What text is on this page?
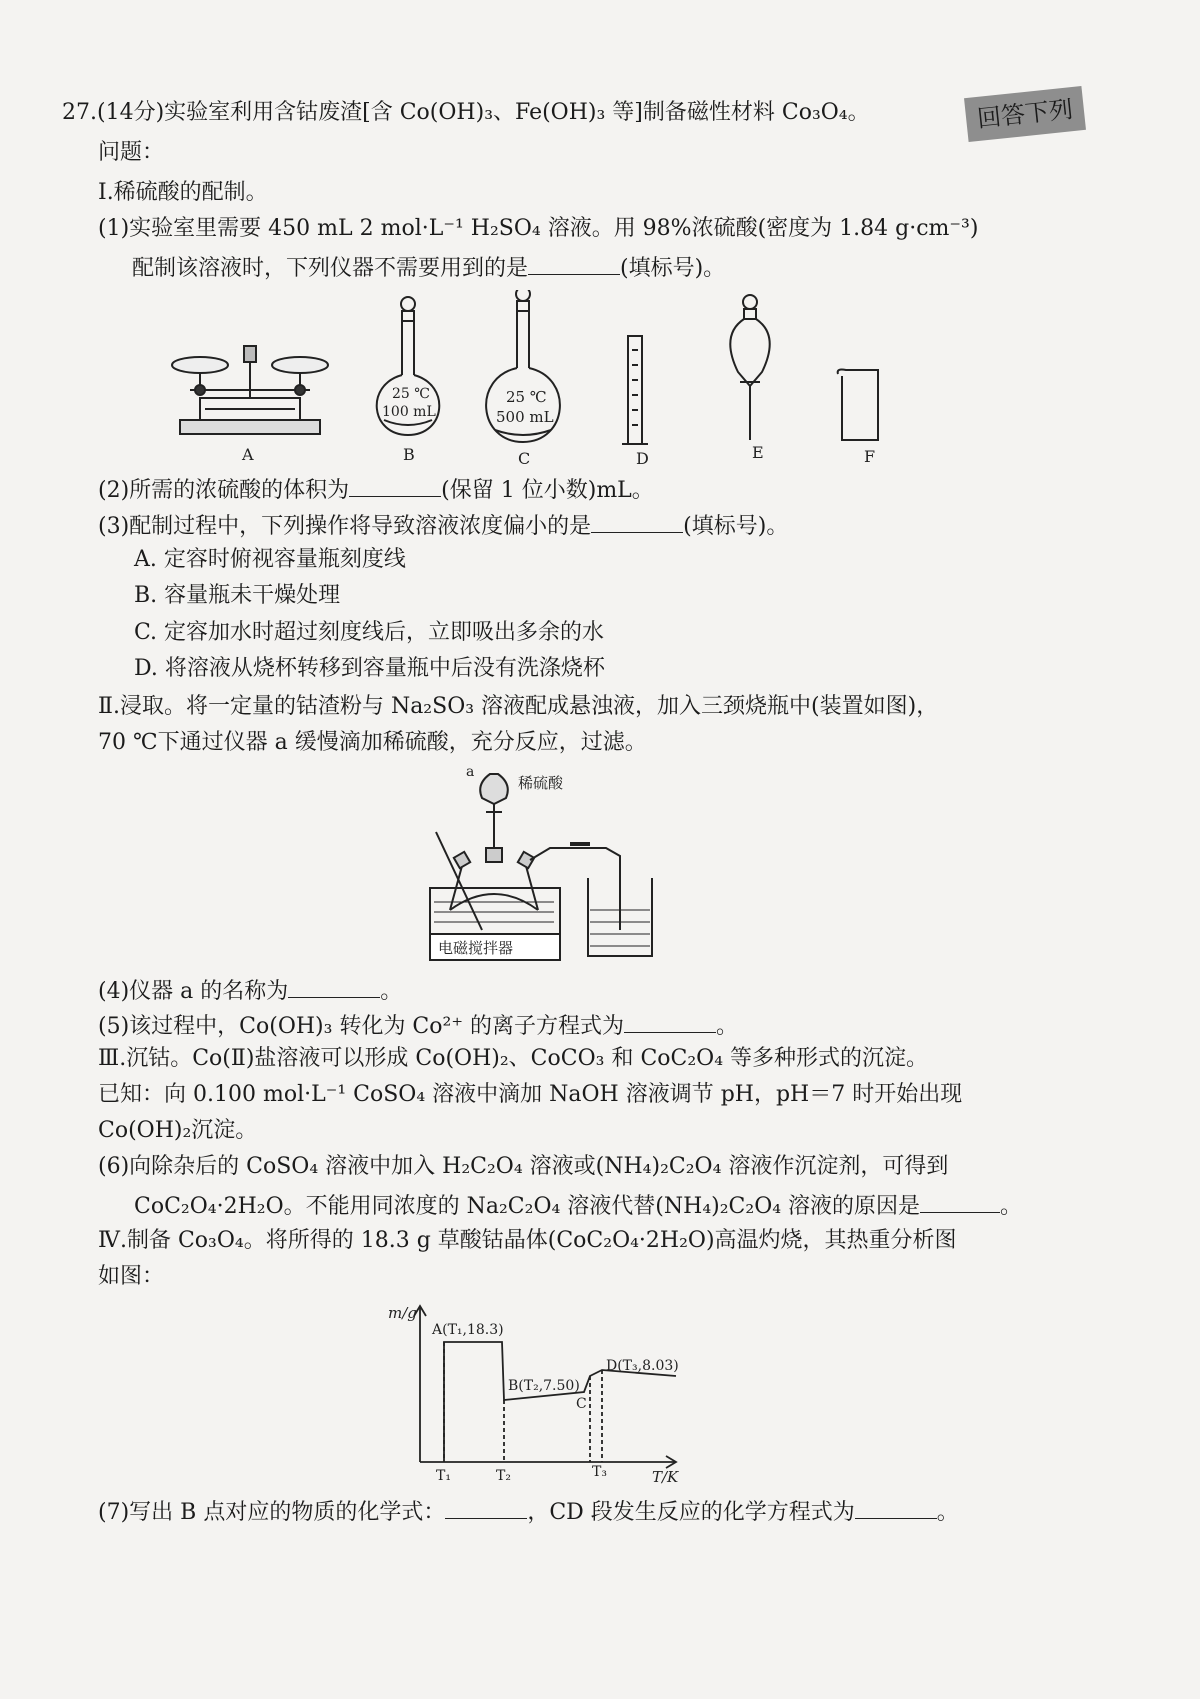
27.(14分)实验室利用含钴废渣[含 Co(OH)₃、Fe(OH)₃ 等]制备磁性材料 Co₃O₄。	回答下列
问题：
Ⅰ.稀硫酸的配制。
(1)实验室里需要 450 mL 2 mol·L⁻¹ H₂SO₄ 溶液。用 98%浓硫酸(密度为 1.84 g·cm⁻³)
配制该溶液时，下列仪器不需要用到的是	(填标号)。
25 ℃
100 mL
25 ℃
500 mL
A	B	C	D	E	F
(2)所需的浓硫酸的体积为	(保留 1 位小数)mL。
(3)配制过程中，下列操作将导致溶液浓度偏小的是	(填标号)。
A. 定容时俯视容量瓶刻度线
B. 容量瓶未干燥处理
C. 定容加水时超过刻度线后，立即吸出多余的水
D. 将溶液从烧杯转移到容量瓶中后没有洗涤烧杯
Ⅱ.浸取。将一定量的钴渣粉与 Na₂SO₃ 溶液配成悬浊液，加入三颈烧瓶中(装置如图)，
70 ℃下通过仪器 a 缓慢滴加稀硫酸，充分反应，过滤。
a
稀硫酸
电磁搅拌器
(4)仪器 a 的名称为	。
(5)该过程中，Co(OH)₃ 转化为 Co²⁺ 的离子方程式为	。
Ⅲ.沉钴。Co(Ⅱ)盐溶液可以形成 Co(OH)₂、CoCO₃ 和 CoC₂O₄ 等多种形式的沉淀。
已知：向 0.100 mol·L⁻¹ CoSO₄ 溶液中滴加 NaOH 溶液调节 pH，pH＝7 时开始出现
Co(OH)₂沉淀。
(6)向除杂后的 CoSO₄ 溶液中加入 H₂C₂O₄ 溶液或(NH₄)₂C₂O₄ 溶液作沉淀剂，可得到
CoC₂O₄·2H₂O。不能用同浓度的 Na₂C₂O₄ 溶液代替(NH₄)₂C₂O₄ 溶液的原因是	。
Ⅳ.制备 Co₃O₄。将所得的 18.3 g 草酸钴晶体(CoC₂O₄·2H₂O)高温灼烧，其热重分析图
如图：
m/g
T/K
A(T₁,18.3)
B(T₂,7.50)
C
D(T₃,8.03)
T₁	T₂	T₃
(7)写出 B 点对应的物质的化学式：	，CD 段发生反应的化学方程式为	。
